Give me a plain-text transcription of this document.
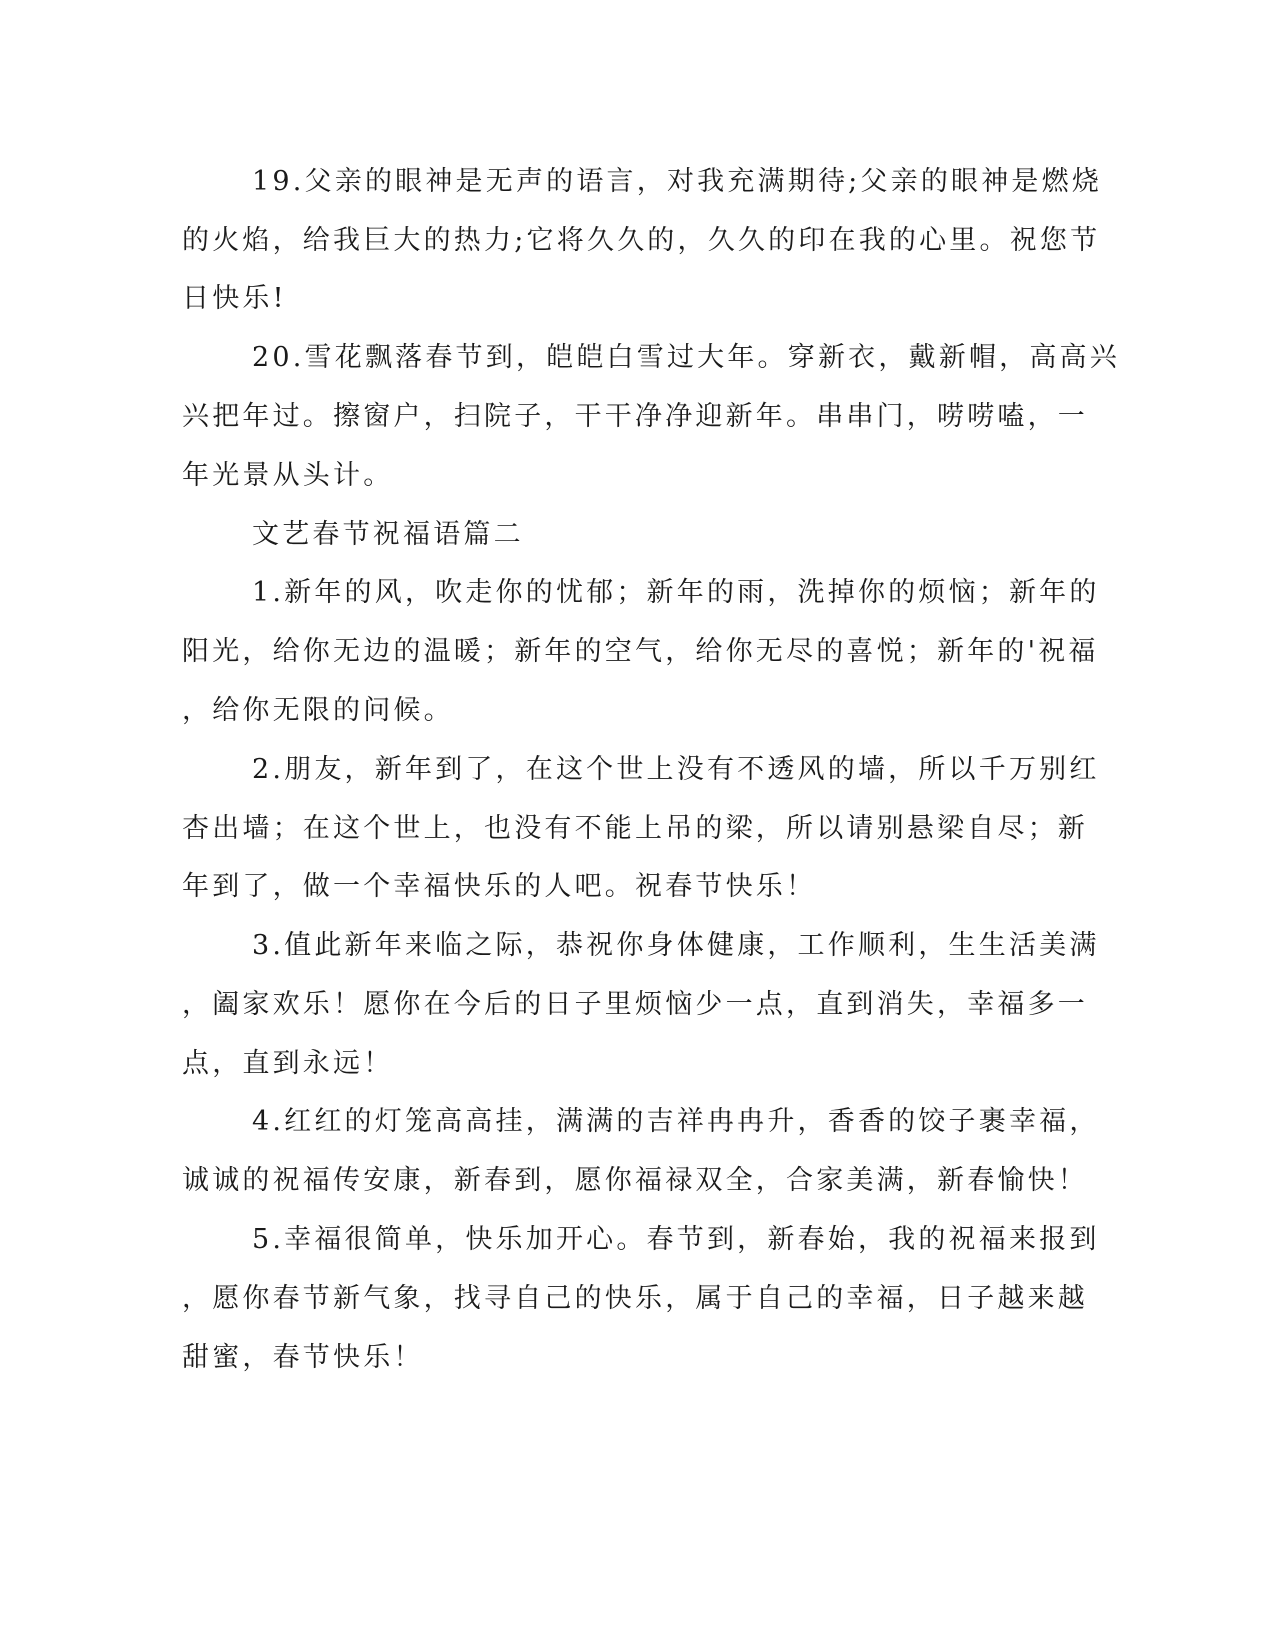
19.父亲的眼神是无声的语言，对我充满期待;父亲的眼神是燃烧
的火焰，给我巨大的热力;它将久久的，久久的印在我的心里。祝您节
日快乐!
20.雪花飘落春节到，皑皑白雪过大年。穿新衣，戴新帽，高高兴
兴把年过。擦窗户，扫院子，干干净净迎新年。串串门，唠唠嗑，一
年光景从头计。
文艺春节祝福语篇二
1.新年的风，吹走你的忧郁；新年的雨，洗掉你的烦恼；新年的
阳光，给你无边的温暖；新年的空气，给你无尽的喜悦；新年的'祝福
，给你无限的问候。
2.朋友，新年到了，在这个世上没有不透风的墙，所以千万别红
杏出墙；在这个世上，也没有不能上吊的梁，所以请别悬梁自尽；新
年到了，做一个幸福快乐的人吧。祝春节快乐！
3.值此新年来临之际，恭祝你身体健康，工作顺利，生生活美满
，阖家欢乐！愿你在今后的日子里烦恼少一点，直到消失，幸福多一
点，直到永远！
4.红红的灯笼高高挂，满满的吉祥冉冉升，香香的饺子裹幸福，
诚诚的祝福传安康，新春到，愿你福禄双全，合家美满，新春愉快！
5.幸福很简单，快乐加开心。春节到，新春始，我的祝福来报到
，愿你春节新气象，找寻自己的快乐，属于自己的幸福，日子越来越
甜蜜，春节快乐！
